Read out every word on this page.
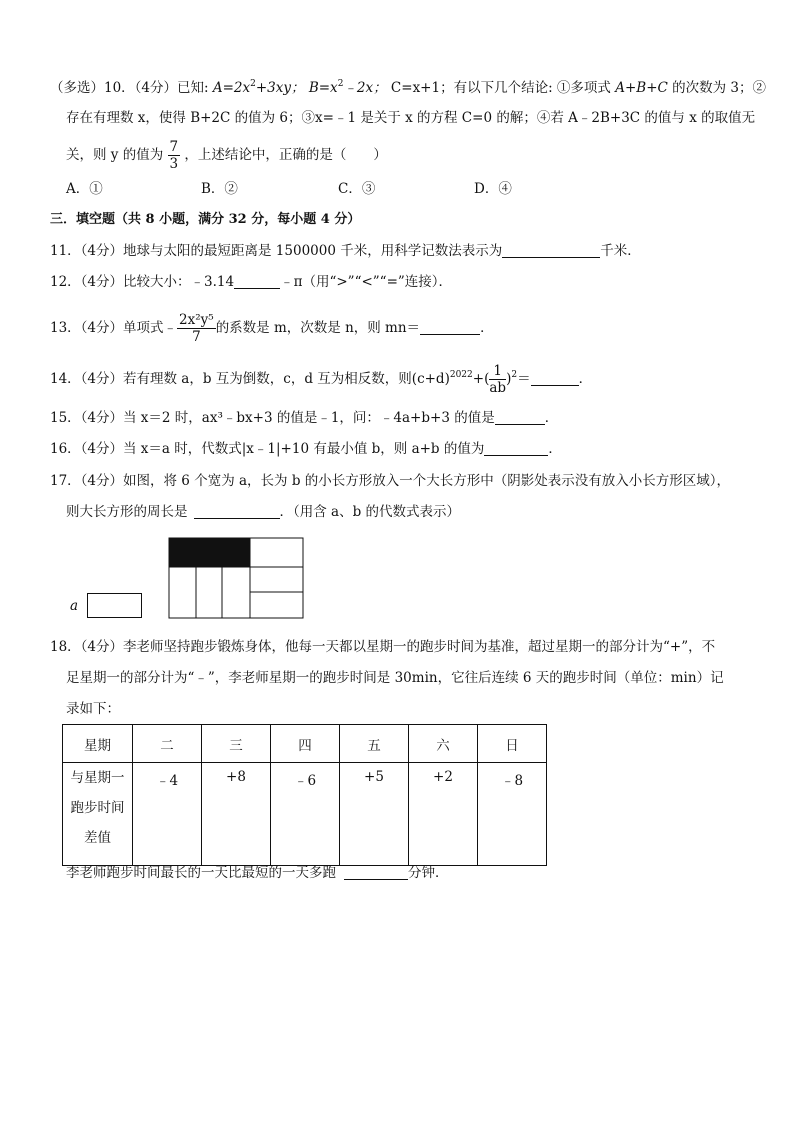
（多选）10．（4分）已知: $A=2x^2+3xy$； $B=x^2﹣2x$； C=x+1；有以下几个结论: ①多项式 A+B+C 的次数为 3；②
存在有理数 x，使得 B+2C 的值为 6；③x=﹣1 是关于 x 的方程 C=0 的解；④若 A﹣2B+3C 的值与 x 的取值无
关，则 y 的值为 $\frac{7}{3}$ ，上述结论中，正确的是（　　）
A．①	B．②	C．③	D．④
三．填空题（共 8 小题，满分 32 分，每小题 4 分）
11．（4分）地球与太阳的最短距离是 1500000 千米，用科学记数法表示为	千米．
12．（4分）比较大小：﹣3.14	﹣π（用“>”“<”“=”连接）．
13．（4分）单项式﹣ $\frac{\text{2x²y⁵}}{7}$ 的系数是 m，次数是 n，则 mn＝	．
14．（4分）若有理数 a，b 互为倒数，c，d 互为相反数，则$(c+d)^{2022}+( \frac{1}{ab} )^2=$	．
15．（4分）当 x＝2 时，ax³﹣bx+3 的值是﹣1，问：﹣4a+b+3 的值是	．
16．（4分）当 x＝a 时，代数式|x﹣1|+10 有最小值 b，则 a+b 的值为	．
17．（4分）如图，将 6 个宽为 a，长为 b 的小长方形放入一个大长方形中（阴影处表示没有放入小长方形区域），
则大长方形的周长是	．（用含 a、b 的代数式表示）
a
18．（4分）李老师坚持跑步锻炼身体，他每一天都以星期一的跑步时间为基准，超过星期一的部分计为“+”，不
足星期一的部分计为“﹣”，李老师星期一的跑步时间是 30min，它往后连续 6 天的跑步时间（单位：min）记
录如下：
星期	二	三	四	五	六	日

与星期一
跑步时间
差值	﹣4	+8	﹣6	+5	+2	﹣8
李老师跑步时间最长的一天比最短的一天多跑	分钟．
